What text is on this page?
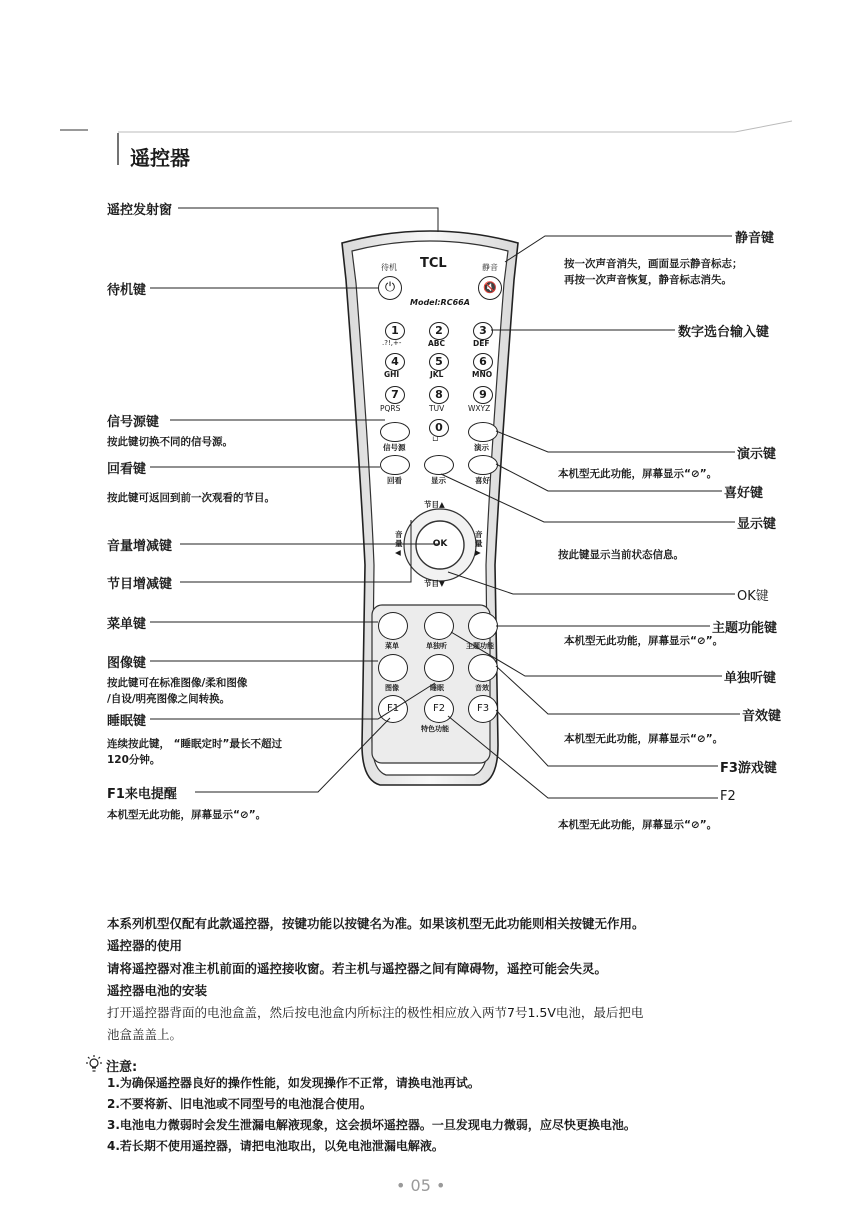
遥控器
TCL
Model:RC66A
待机
⏻
静音
🔇
1
.?!,+-
2
ABC
3
DEF
4
GHI
5
JKL
6
MNO
7
PQRS
8
TUV
9
WXYZ
0
└┘
信号源	演示
回看	显示	喜好
节目▲
节目▼
音量◀
音量▶
OK
菜单	单独听	主题功能
图像	睡眠	音效
F1	F2	F3
特色功能
遥控发射窗
待机键
信号源键
按此键切换不同的信号源。
回看键
按此键可返回到前一次观看的节目。
音量增减键
节目增减键
菜单键
图像键
按此键可在标准图像/柔和图像
/自设/明亮图像之间转换。
睡眠键
连续按此键， “睡眠定时”最长不超过
120分钟。
F1来电提醒
本机型无此功能，屏幕显示“⊘”。
静音键
按一次声音消失，画面显示静音标志；
再按一次声音恢复，静音标志消失。
数字选台输入键
演示键
本机型无此功能，屏幕显示“⊘”。
喜好键
显示键
按此键显示当前状态信息。
OK键
主题功能键
本机型无此功能，屏幕显示“⊘”。
单独听键
音效键
本机型无此功能，屏幕显示“⊘”。
F3游戏键
F2
本机型无此功能，屏幕显示“⊘”。
本系列机型仅配有此款遥控器，按键功能以按键名为准。如果该机型无此功能则相关按键无作用。
遥控器的使用
请将遥控器对准主机前面的遥控接收窗。若主机与遥控器之间有障碍物，遥控可能会失灵。
遥控器电池的安装
打开遥控器背面的电池盒盖，然后按电池盒内所标注的极性相应放入两节7号1.5V电池，最后把电
池盒盖盖上。
注意:
1.为确保遥控器良好的操作性能，如发现操作不正常，请换电池再试。
2.不要将新、旧电池或不同型号的电池混合使用。
3.电池电力微弱时会发生泄漏电解液现象，这会损坏遥控器。一旦发现电力微弱，应尽快更换电池。
4.若长期不使用遥控器，请把电池取出，以免电池泄漏电解液。
• 05 •
